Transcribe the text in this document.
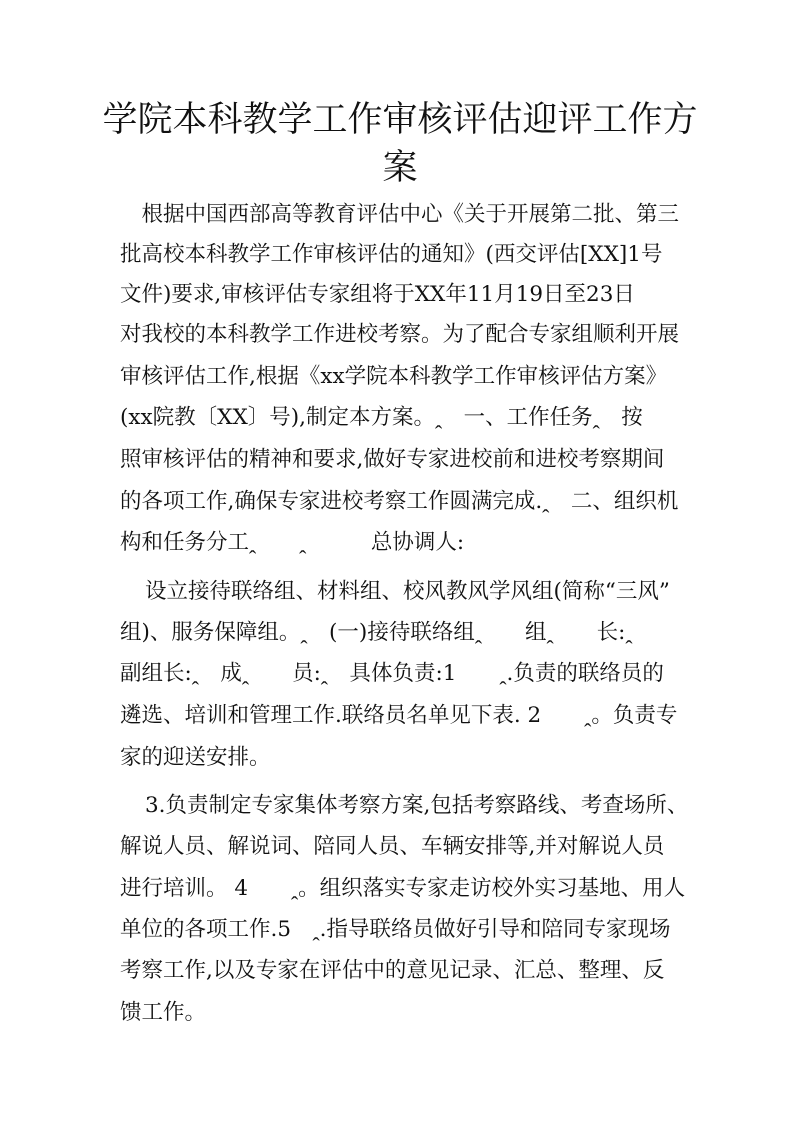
学院本科教学工作审核评估迎评工作方
案
　根据中国西部高等教育评估中心《关于开展第二批、第三
批高校本科教学工作审核评估的通知》(西交评估[XX]1号
文件)要求,审核评估专家组将于XX年11月19日至23日
对我校的本科教学工作进校考察。为了配合专家组顺利开展
审核评估工作,根据《xx学院本科教学工作审核评估方案》
(xx院教〔XX〕号),制定本方案。ꞈ　一、工作任务ꞈ　按
照审核评估的精神和要求,做好专家进校前和进校考察期间
的各项工作,确保专家进校考察工作圆满完成.ꞈ　二、组织机
构和任务分工ꞈ　　ꞈ　　　总协调人:
设立接待联络组、材料组、校风教风学风组(简称“三风”
组)、服务保障组。ꞈ　(一)接待联络组ꞈ　　组ꞈ　　长:ꞈ
副组长:ꞈ　成ꞈ　　员:ꞈ　具体负责:1　　ꞈ.负责的联络员的
遴选、培训和管理工作.联络员名单见下表. 2　　ꞈ。负责专
家的迎送安排。
3.负责制定专家集体考察方案,包括考察路线、考查场所、
解说人员、解说词、陪同人员、车辆安排等,并对解说人员
进行培训。 4　　ꞈ。组织落实专家走访校外实习基地、用人
单位的各项工作.5　ꞈ.指导联络员做好引导和陪同专家现场
考察工作,以及专家在评估中的意见记录、汇总、整理、反
馈工作。
